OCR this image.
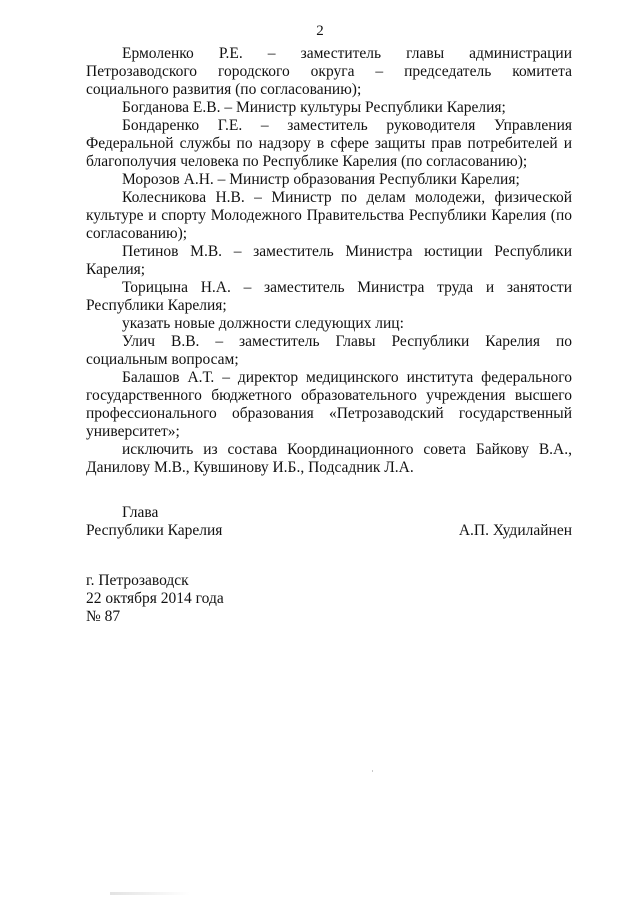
2

Ермоленко Р.Е. – заместитель главы администрации Петрозаводского городского округа – председатель комитета социального развития (по согласованию);

Богданова Е.В. – Министр культуры Республики Карелия;

Бондаренко Г.Е. – заместитель руководителя Управления Федеральной службы по надзору в сфере защиты прав потребителей и благополучия человека по Республике Карелия (по согласованию);

Морозов А.Н. – Министр образования Республики Карелия;

Колесникова Н.В. – Министр по делам молодежи, физической культуре и спорту Молодежного Правительства Республики Карелия (по согласованию);

Петинов М.В. – заместитель Министра юстиции Республики Карелия;

Торицына Н.А. – заместитель Министра труда и занятости Республики Карелия;

указать новые должности следующих лиц:

Улич В.В. – заместитель Главы Республики Карелия по социальным вопросам;

Балашов А.Т. – директор медицинского института федерального государственного бюджетного образовательного учреждения высшего профессионального образования «Петрозаводский государственный университет»;

исключить из состава Координационного совета Байкову В.А., Данилову М.В., Кувшинову И.Б., Подсадник Л.А.

Глава
Республики Карелия	А.П. Худилайнен

г. Петрозаводск

22 октября 2014 года

№ 87
